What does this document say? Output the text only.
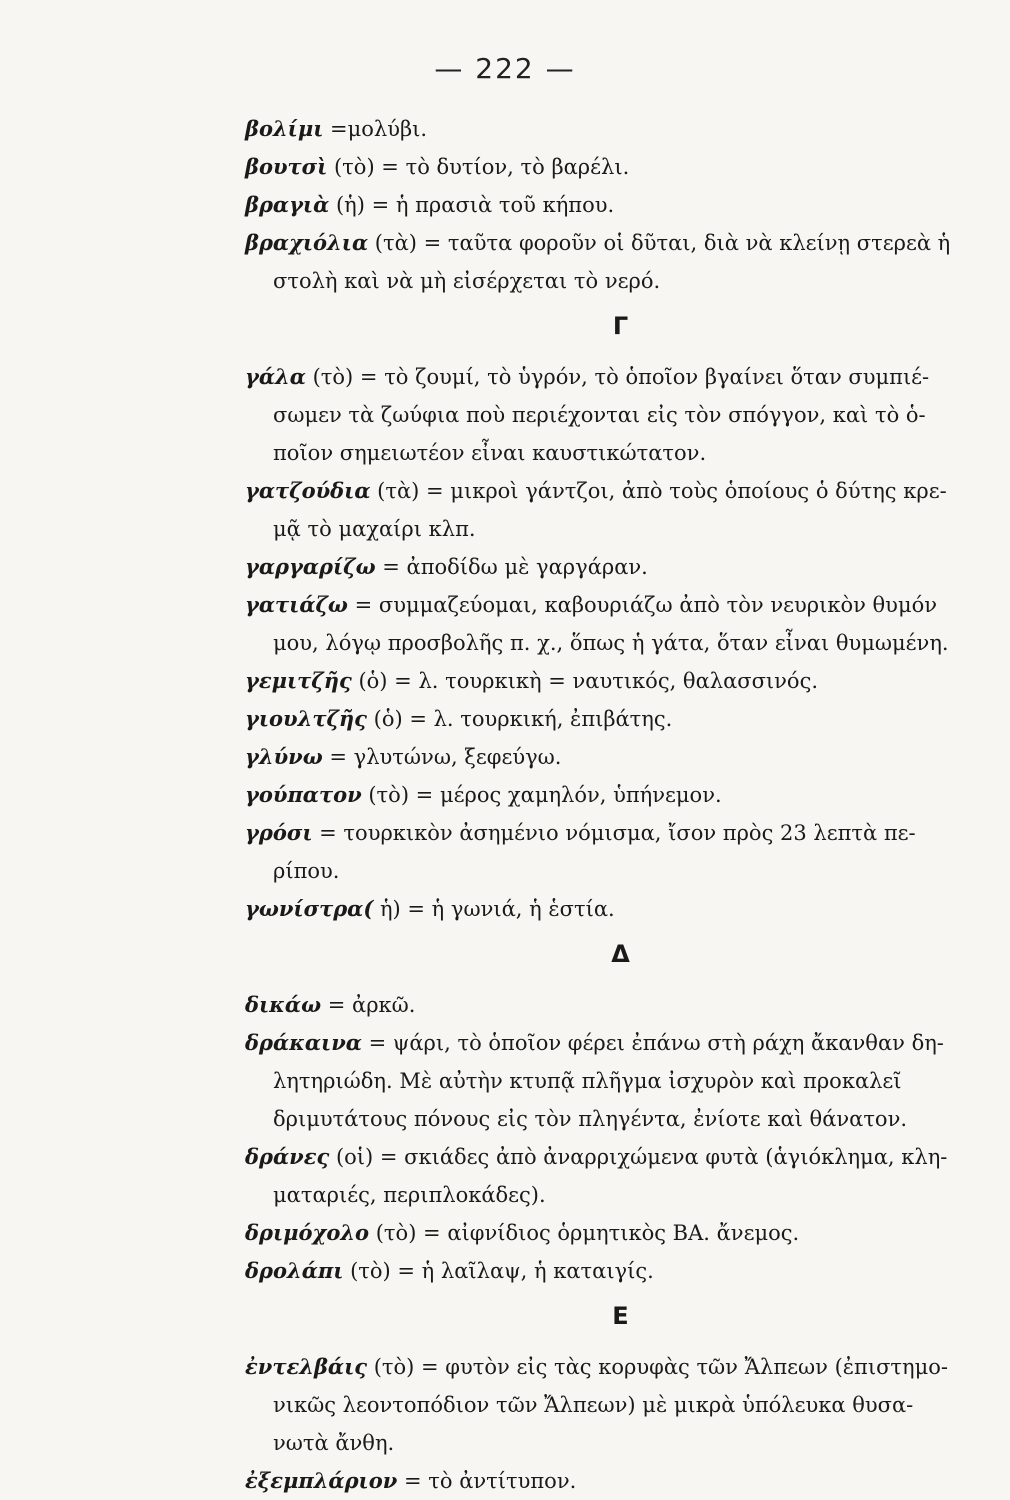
— 222 —

βολίμι =μολύβι.

βουτσὶ (τὸ) = τὸ δυτίον, τὸ βαρέλι.

βραγιὰ (ἡ) = ἡ πρασιὰ τοῦ κήπου.

βραχιόλια (τὰ) = ταῦτα φοροῦν οἱ δῦται, διὰ νὰ κλείνῃ στερεὰ ἡ
στολὴ καὶ νὰ μὴ εἰσέρχεται τὸ νερό.

Γ

γάλα (τὸ) = τὸ ζουμί, τὸ ὑγρόν, τὸ ὁποῖον βγαίνει ὅταν συμπιέ-
σωμεν τὰ ζωύφια ποὺ περιέχονται εἰς τὸν σπόγγον, καὶ τὸ ὁ-
ποῖον σημειωτέον εἶναι καυστικώτατον.

γατζούδια (τὰ) = μικροὶ γάντζοι, ἀπὸ τοὺς ὁποίους ὁ δύτης κρε-
μᾷ τὸ μαχαίρι κλπ.

γαργαρίζω = ἀποδίδω μὲ γαργάραν.

γατιάζω = συμμαζεύομαι, καβουριάζω ἀπὸ τὸν νευρικὸν θυμόν
μου, λόγῳ προσβολῆς π. χ., ὅπως ἡ γάτα, ὅταν εἶναι θυμωμένη.

γεμιτζῆς (ὁ) = λ. τουρκικὴ = ναυτικός, θαλασσινός.

γιουλτζῆς (ὁ) = λ. τουρκική, ἐπιβάτης.

γλύνω = γλυτώνω, ξεφεύγω.

γούπατον (τὸ) = μέρος χαμηλόν, ὑπήνεμον.

γρόσι = τουρκικὸν ἀσημένιο νόμισμα, ἴσον πρὸς 23 λεπτὰ πε-
ρίπου.

γωνίστρα( ἡ) = ἡ γωνιά, ἡ ἑστία.

Δ

δικάω = ἀρκῶ.

δράκαινα = ψάρι, τὸ ὁποῖον φέρει ἐπάνω στὴ ράχη ἄκανθαν δη-
λητηριώδη. Μὲ αὐτὴν κτυπᾷ πλῆγμα ἰσχυρὸν καὶ προκαλεῖ
δριμυτάτους πόνους εἰς τὸν πληγέντα, ἐνίοτε καὶ θάνατον.

δράνες (οἱ) = σκιάδες ἀπὸ ἀναρριχώμενα φυτὰ (ἁγιόκλημα, κλη-
ματαριές, περιπλοκάδες).

δριμόχολο (τὸ) = αἰφνίδιος ὁρμητικὸς ΒΑ. ἄνεμος.

δρολάπι (τὸ) = ἡ λαῖλαψ, ἡ καταιγίς.

Ε

ἐντελβάις (τὸ) = φυτὸν εἰς τὰς κορυφὰς τῶν Ἄλπεων (ἐπιστημο-
νικῶς λεοντοπόδιον τῶν Ἄλπεων) μὲ μικρὰ ὑπόλευκα θυσα-
νωτὰ ἄνθη.

ἐξεμπλάριον = τὸ ἀντίτυπον.
